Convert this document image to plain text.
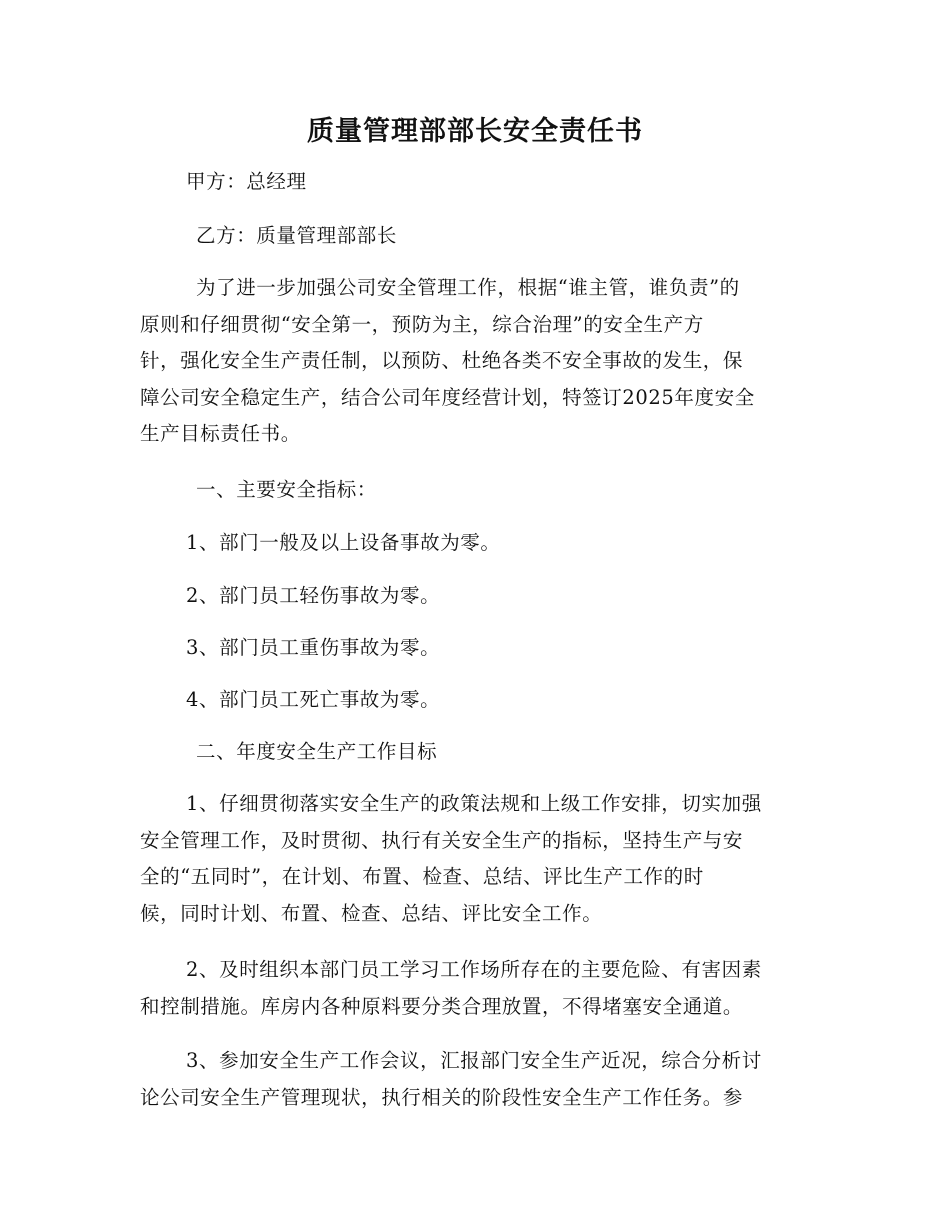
质量管理部部长安全责任书

甲方：总经理

乙方：质量管理部部长

为了进一步加强公司安全管理工作，根据“谁主管，谁负责”的
原则和仔细贯彻“安全第一，预防为主，综合治理”的安全生产方
针，强化安全生产责任制，以预防、杜绝各类不安全事故的发生，保
障公司安全稳定生产，结合公司年度经营计划，特签订2025年度安全
生产目标责任书。

一、主要安全指标：

1、部门一般及以上设备事故为零。

2、部门员工轻伤事故为零。

3、部门员工重伤事故为零。

4、部门员工死亡事故为零。

二、年度安全生产工作目标

1、仔细贯彻落实安全生产的政策法规和上级工作安排，切实加强
安全管理工作，及时贯彻、执行有关安全生产的指标，坚持生产与安
全的“五同时”，在计划、布置、检查、总结、评比生产工作的时
候，同时计划、布置、检查、总结、评比安全工作。
2、及时组织本部门员工学习工作场所存在的主要危险、有害因素
和控制措施。库房内各种原料要分类合理放置，不得堵塞安全通道。
3、参加安全生产工作会议，汇报部门安全生产近况，综合分析讨
论公司安全生产管理现状，执行相关的阶段性安全生产工作任务。参
